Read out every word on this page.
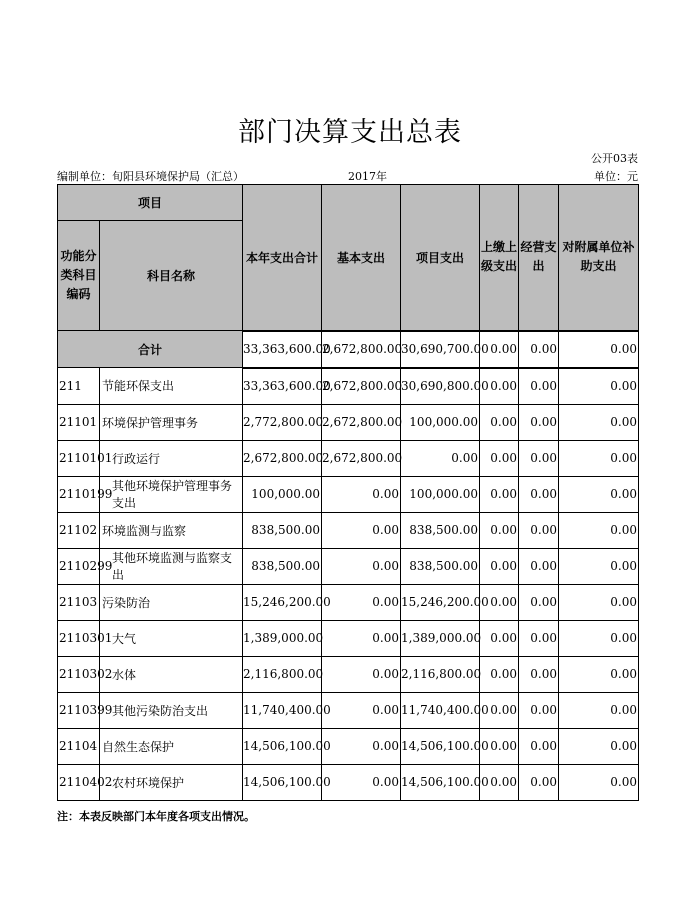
部门决算支出总表
公开03表
编制单位：旬阳县环境保护局（汇总）	2017年	单位：元
项目		本年支出合计	基本支出	项目支出	上缴上级支出	经营支出	对附属单位补助支出
功能分类科目编码	科目名称						
合计		33,363,600.00	2,672,800.00	30,690,700.00	0.00	0.00	0.00
211	节能环保支出	33,363,600.00	2,672,800.00	30,690,800.00	0.00	0.00	0.00
21101	环境保护管理事务	2,772,800.00	2,672,800.00	100,000.00	0.00	0.00	0.00
2110101	行政运行	2,672,800.00	2,672,800.00	0.00	0.00	0.00	0.00
2110199	其他环境保护管理事务支出	100,000.00	0.00	100,000.00	0.00	0.00	0.00
21102	环境监测与监察	838,500.00	0.00	838,500.00	0.00	0.00	0.00
2110299	其他环境监测与监察支出	838,500.00	0.00	838,500.00	0.00	0.00	0.00
21103	污染防治	15,246,200.00	0.00	15,246,200.00	0.00	0.00	0.00
2110301	大气	1,389,000.00	0.00	1,389,000.00	0.00	0.00	0.00
2110302	水体	2,116,800.00	0.00	2,116,800.00	0.00	0.00	0.00
2110399	其他污染防治支出	11,740,400.00	0.00	11,740,400.00	0.00	0.00	0.00
21104	自然生态保护	14,506,100.00	0.00	14,506,100.00	0.00	0.00	0.00
2110402	农村环境保护	14,506,100.00	0.00	14,506,100.00	0.00	0.00	0.00
注：本表反映部门本年度各项支出情况。
